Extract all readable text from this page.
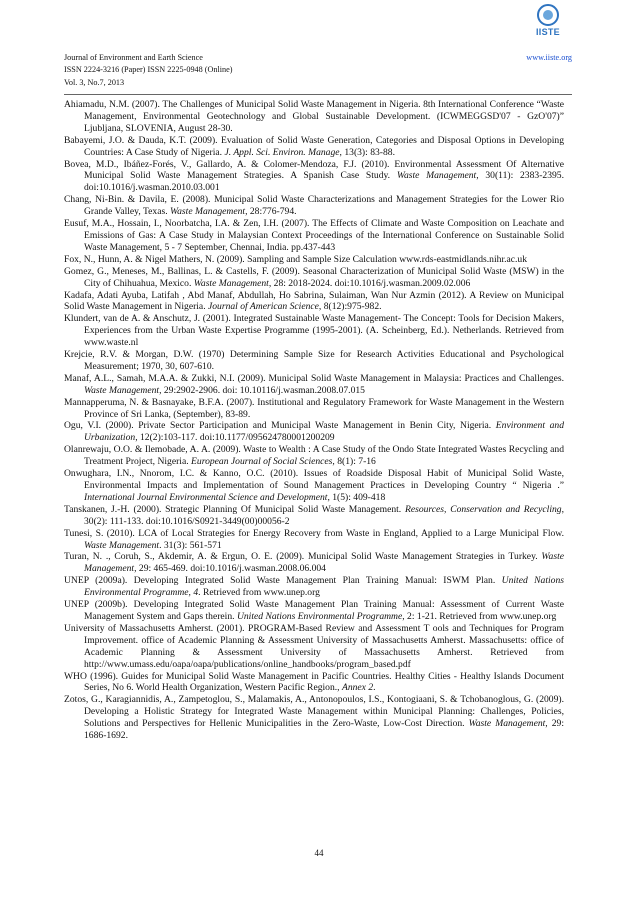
Journal of Environment and Earth Science
ISSN 2224-3216 (Paper) ISSN 2225-0948 (Online)
Vol. 3, No.7, 2013
www.iiste.org
IISTE

Ahiamadu, N.M. (2007). The Challenges of Municipal Solid Waste Management in Nigeria. 8th International Conference “Waste Management, Environmental Geotechnology and Global Sustainable Development. (ICWMEGGSD'07 - GzO'07)” Ljubljana, SLOVENIA, August 28-30.

Babayemi, J.O. & Dauda, K.T. (2009). Evaluation of Solid Waste Generation, Categories and Disposal Options in Developing Countries: A Case Study of Nigeria. J. Appl. Sci. Environ. Manage, 13(3): 83-88.

Bovea, M.D., Ibáñez-Forés, V., Gallardo, A. & Colomer-Mendoza, F.J. (2010). Environmental Assessment Of Alternative Municipal Solid Waste Management Strategies. A Spanish Case Study. Waste Management, 30(11): 2383-2395. doi:10.1016/j.wasman.2010.03.001

Chang, Ni-Bin. & Davila, E. (2008). Municipal Solid Waste Characterizations and Management Strategies for the Lower Rio Grande Valley, Texas. Waste Management, 28:776-794.

Eusuf, M.A., Hossain, I., Noorbatcha, I.A. & Zen, I.H. (2007). The Effects of Climate and Waste Composition on Leachate and Emissions of Gas: A Case Study in Malaysian Context Proceedings of the International Conference on Sustainable Solid Waste Management, 5 - 7 September, Chennai, India. pp.437-443

Fox, N., Hunn, A. & Nigel Mathers, N. (2009). Sampling and Sample Size Calculation www.rds-eastmidlands.nihr.ac.uk

Gomez, G., Meneses, M., Ballinas, L. & Castells, F. (2009). Seasonal Characterization of Municipal Solid Waste (MSW) in the City of Chihuahua, Mexico. Waste Management, 28: 2018-2024. doi:10.1016/j.wasman.2009.02.006

Kadafa, Adati Ayuba, Latifah , Abd Manaf, Abdullah, Ho Sabrina, Sulaiman, Wan Nur Azmin (2012). A Review on Municipal Solid Waste Management in Nigeria. Journal of American Science, 8(12):975-982.

Klundert, van de A. & Anschutz, J. (2001). Integrated Sustainable Waste Management- The Concept: Tools for Decision Makers, Experiences from the Urban Waste Expertise Programme (1995-2001). (A. Scheinberg, Ed.). Netherlands. Retrieved from www.waste.nl

Krejcie, R.V. & Morgan, D.W. (1970) Determining Sample Size for Research Activities Educational and Psychological Measurement; 1970, 30, 607-610.

Manaf, A.L., Samah, M.A.A. & Zukki, N.I. (2009). Municipal Solid Waste Management in Malaysia: Practices and Challenges. Waste Management, 29:2902-2906. doi: 10.10116/j.wasman.2008.07.015

Mannapperuma, N. & Basnayake, B.F.A. (2007). Institutional and Regulatory Framework for Waste Management in the Western Province of Sri Lanka, (September), 83-89.

Ogu, V.I. (2000). Private Sector Participation and Municipal Waste Management in Benin City, Nigeria. Environment and Urbanization, 12(2):103-117. doi:10.1177/095624780001200209

Olanrewaju, O.O. & Ilemobade, A. A. (2009). Waste to Wealth : A Case Study of the Ondo State Integrated Wastes Recycling and Treatment Project, Nigeria. European Journal of Social Sciences, 8(1): 7-16

Onwughara, I.N., Nnorom, I.C. & Kanno, O.C. (2010). Issues of Roadside Disposal Habit of Municipal Solid Waste, Environmental Impacts and Implementation of Sound Management Practices in Developing Country “ Nigeria .” International Journal Environmental Science and Development, 1(5): 409-418

Tanskanen, J.-H. (2000). Strategic Planning Of Municipal Solid Waste Management. Resources, Conservation and Recycling, 30(2): 111-133. doi:10.1016/S0921-3449(00)00056-2

Tunesi, S. (2010). LCA of Local Strategies for Energy Recovery from Waste in England, Applied to a Large Municipal Flow. Waste Management. 31(3): 561-571

Turan, N. ., Coruh, S., Akdemir, A. & Ergun, O. E. (2009). Municipal Solid Waste Management Strategies in Turkey. Waste Management, 29: 465-469. doi:10.1016/j.wasman.2008.06.004

UNEP (2009a). Developing Integrated Solid Waste Management Plan Training Manual: ISWM Plan. United Nations Environmental Programme, 4. Retrieved from www.unep.org

UNEP (2009b). Developing Integrated Solid Waste Management Plan Training Manual: Assessment of Current Waste Management System and Gaps therein. United Nations Environmental Programme, 2: 1-21. Retrieved from www.unep.org

University of Massachusetts Amherst. (2001). PROGRAM-Based Review and Assessment T ools and Techniques for Program Improvement. office of Academic Planning & Assessment University of Massachusetts Amherst. Massachusetts: office of Academic Planning & Assessment University of Massachusetts Amherst. Retrieved from http://www.umass.edu/oapa/oapa/publications/online_handbooks/program_based.pdf

WHO (1996). Guides for Municipal Solid Waste Management in Pacific Countries. Healthy Cities - Healthy Islands Document Series, No 6. World Health Organization, Western Pacific Region., Annex 2.

Zotos, G., Karagiannidis, A., Zampetoglou, S., Malamakis, A., Antonopoulos, I.S., Kontogiaani, S. & Tchobanoglous, G. (2009). Developing a Holistic Strategy for Integrated Waste Management within Municipal Planning: Challenges, Policies, Solutions and Perspectives for Hellenic Municipalities in the Zero-Waste, Low-Cost Direction. Waste Management, 29: 1686-1692.

44
